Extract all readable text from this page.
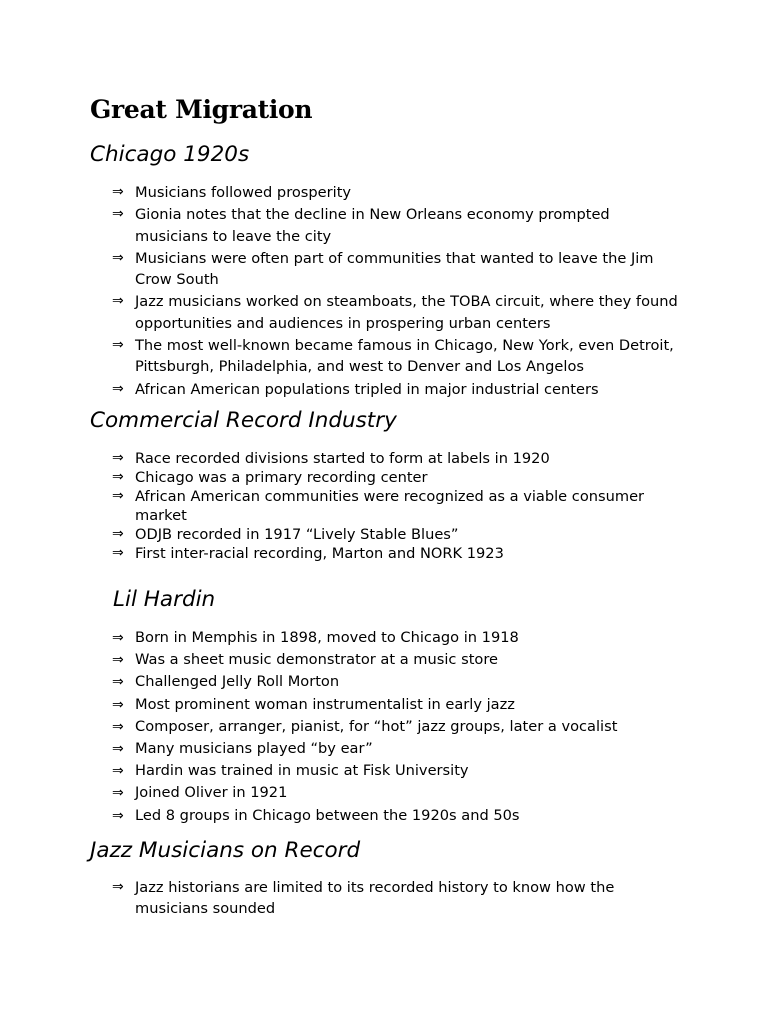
Great Migration
Chicago 1920s
⇒ Musicians followed prosperity
⇒ Gionia notes that the decline in New Orleans economy prompted musicians to leave the city
⇒ Musicians were often part of communities that wanted to leave the Jim Crow South
⇒ Jazz musicians worked on steamboats, the TOBA circuit, where they found opportunities and audiences in prospering urban centers
⇒ The most well-known became famous in Chicago, New York, even Detroit, Pittsburgh, Philadelphia, and west to Denver and Los Angelos
⇒ African American populations tripled in major industrial centers
Commercial Record Industry
⇒ Race recorded divisions started to form at labels in 1920
⇒ Chicago was a primary recording center
⇒ African American communities were recognized as a viable consumer market
⇒ ODJB recorded in 1917 “Lively Stable Blues”
⇒ First inter-racial recording, Marton and NORK 1923
Lil Hardin
⇒ Born in Memphis in 1898, moved to Chicago in 1918
⇒ Was a sheet music demonstrator at a music store
⇒ Challenged Jelly Roll Morton
⇒ Most prominent woman instrumentalist in early jazz
⇒ Composer, arranger, pianist, for “hot” jazz groups, later a vocalist
⇒ Many musicians played “by ear”
⇒ Hardin was trained in music at Fisk University
⇒ Joined Oliver in 1921
⇒ Led 8 groups in Chicago between the 1920s and 50s
Jazz Musicians on Record
⇒ Jazz historians are limited to its recorded history to know how the musicians sounded
